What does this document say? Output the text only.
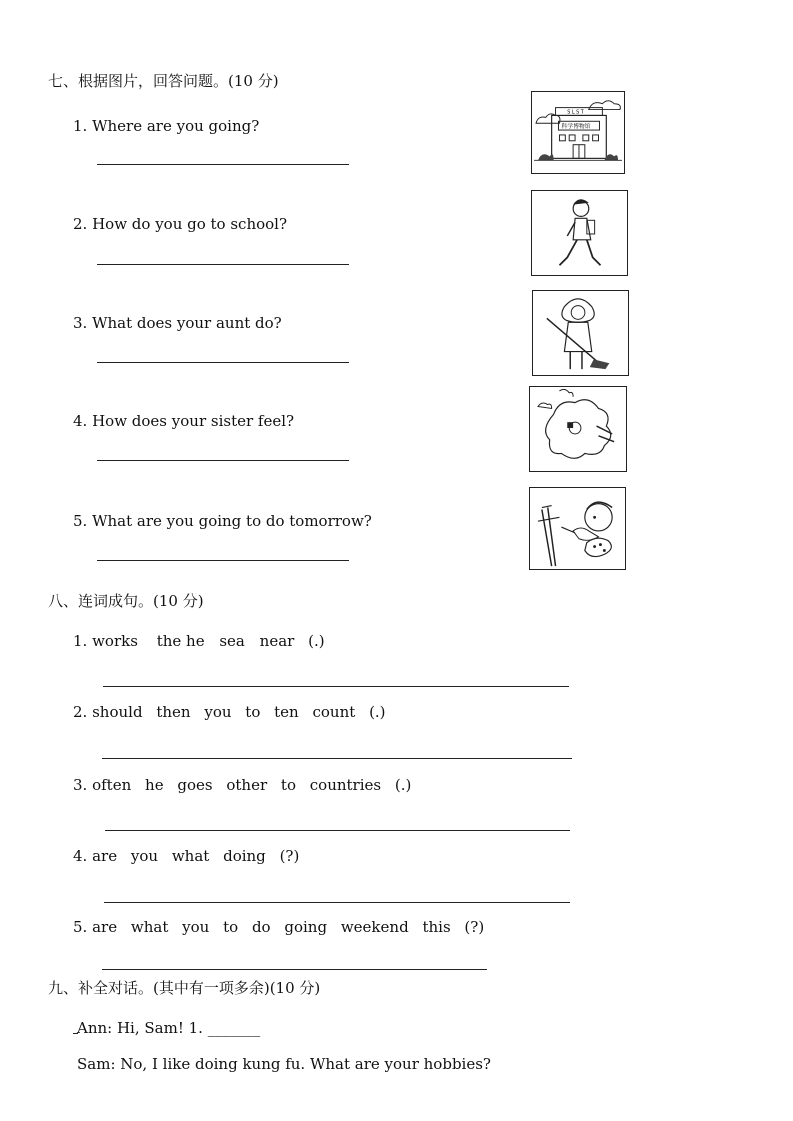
七、根据图片，回答问题。(10 分)
1. Where are you going?
2. How do you go to school?
3. What does your aunt do?
4. How does your sister feel?
5. What are you going to do tomorrow?
S L S T
科学博物馆
八、连词成句。(10 分)
1. works the he sea near (.)
2. should then you to ten count (.)
3. often he goes other to countries (.)
4. are you what doing (?)
5. are what you to do going weekend this (?)
九、补全对话。(其中有一项多余)(10 分)
Ann: Hi, Sam! 1. _______
Sam: No, I like doing kung fu. What are your hobbies?
